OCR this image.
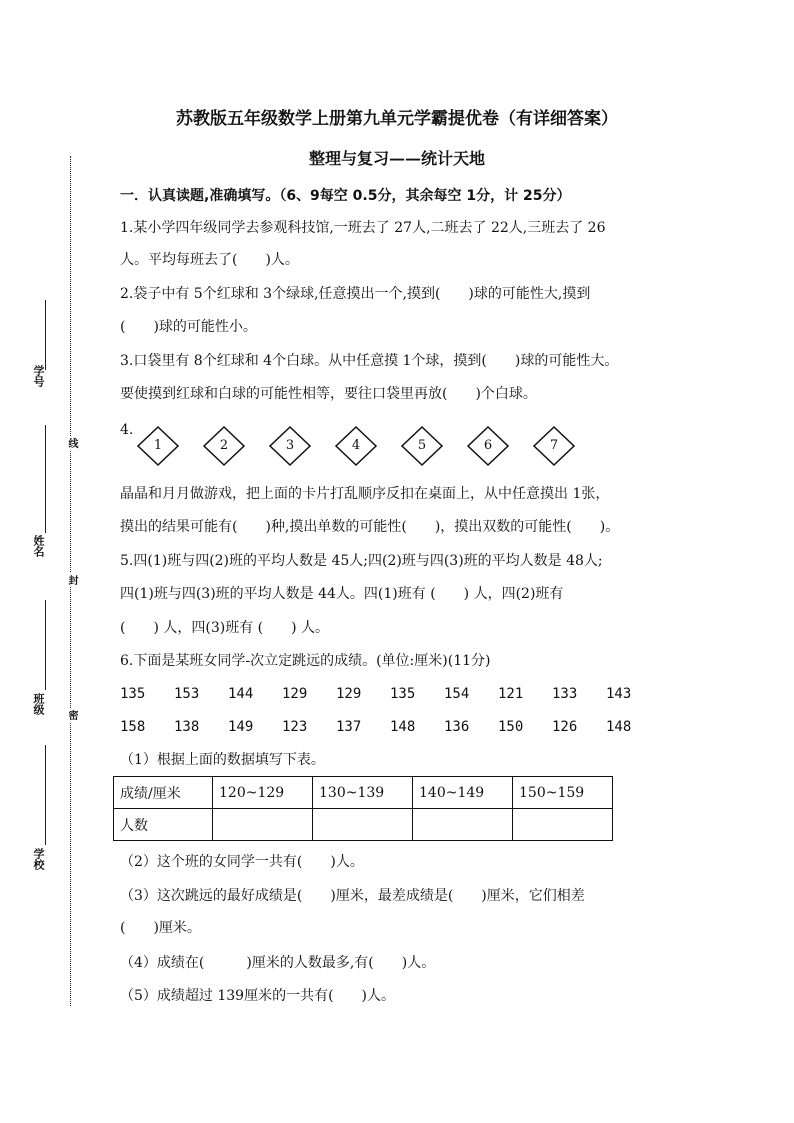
学号
姓名
班级
学校
线
封
密
苏教版五年级数学上册第九单元学霸提优卷（有详细答案）
整理与复习——统计天地
一．认真读题,准确填写。（6、9每空 0.5分，其余每空 1分，计 25分）
1.某小学四年级同学去参观科技馆,一班去了 27人,二班去了 22人,三班去了 26
人。平均每班去了(　　)人。
2.袋子中有 5个红球和 3个绿球,任意摸出一个,摸到(　　)球的可能性大,摸到
(　　)球的可能性小。
3.口袋里有 8个红球和 4个白球。从中任意摸 1个球，摸到(　　)球的可能性大。
要使摸到红球和白球的可能性相等，要往口袋里再放(　　)个白球。
4.
1	2	3	4	5	6	7
晶晶和月月做游戏，把上面的卡片打乱顺序反扣在桌面上，从中任意摸出 1张，
摸出的结果可能有(　　)种,摸出单数的可能性(　　)，摸出双数的可能性(　　)。
5.四(1)班与四(2)班的平均人数是 45人;四(2)班与四(3)班的平均人数是 48人;
四(1)班与四(3)班的平均人数是 44人。四(1)班有 (　　) 人，四(2)班有
(　　) 人，四(3)班有 (　　) 人。
6.下面是某班女同学-次立定跳远的成绩。(单位:厘米)(11分)
135	153	144	129	129	135	154	121	133	143
158	138	149	123	137	148	136	150	126	148
（1）根据上面的数据填写下表。
成绩/厘米	120~129	130~139	140~149	150~159
人数				
（2）这个班的女同学一共有(　　)人。
（3）这次跳远的最好成绩是(　　)厘米，最差成绩是(　　)厘米，它们相差
(　　)厘米。
（4）成绩在(　　　)厘米的人数最多,有(　　)人。
（5）成绩超过 139厘米的一共有(　　)人。
